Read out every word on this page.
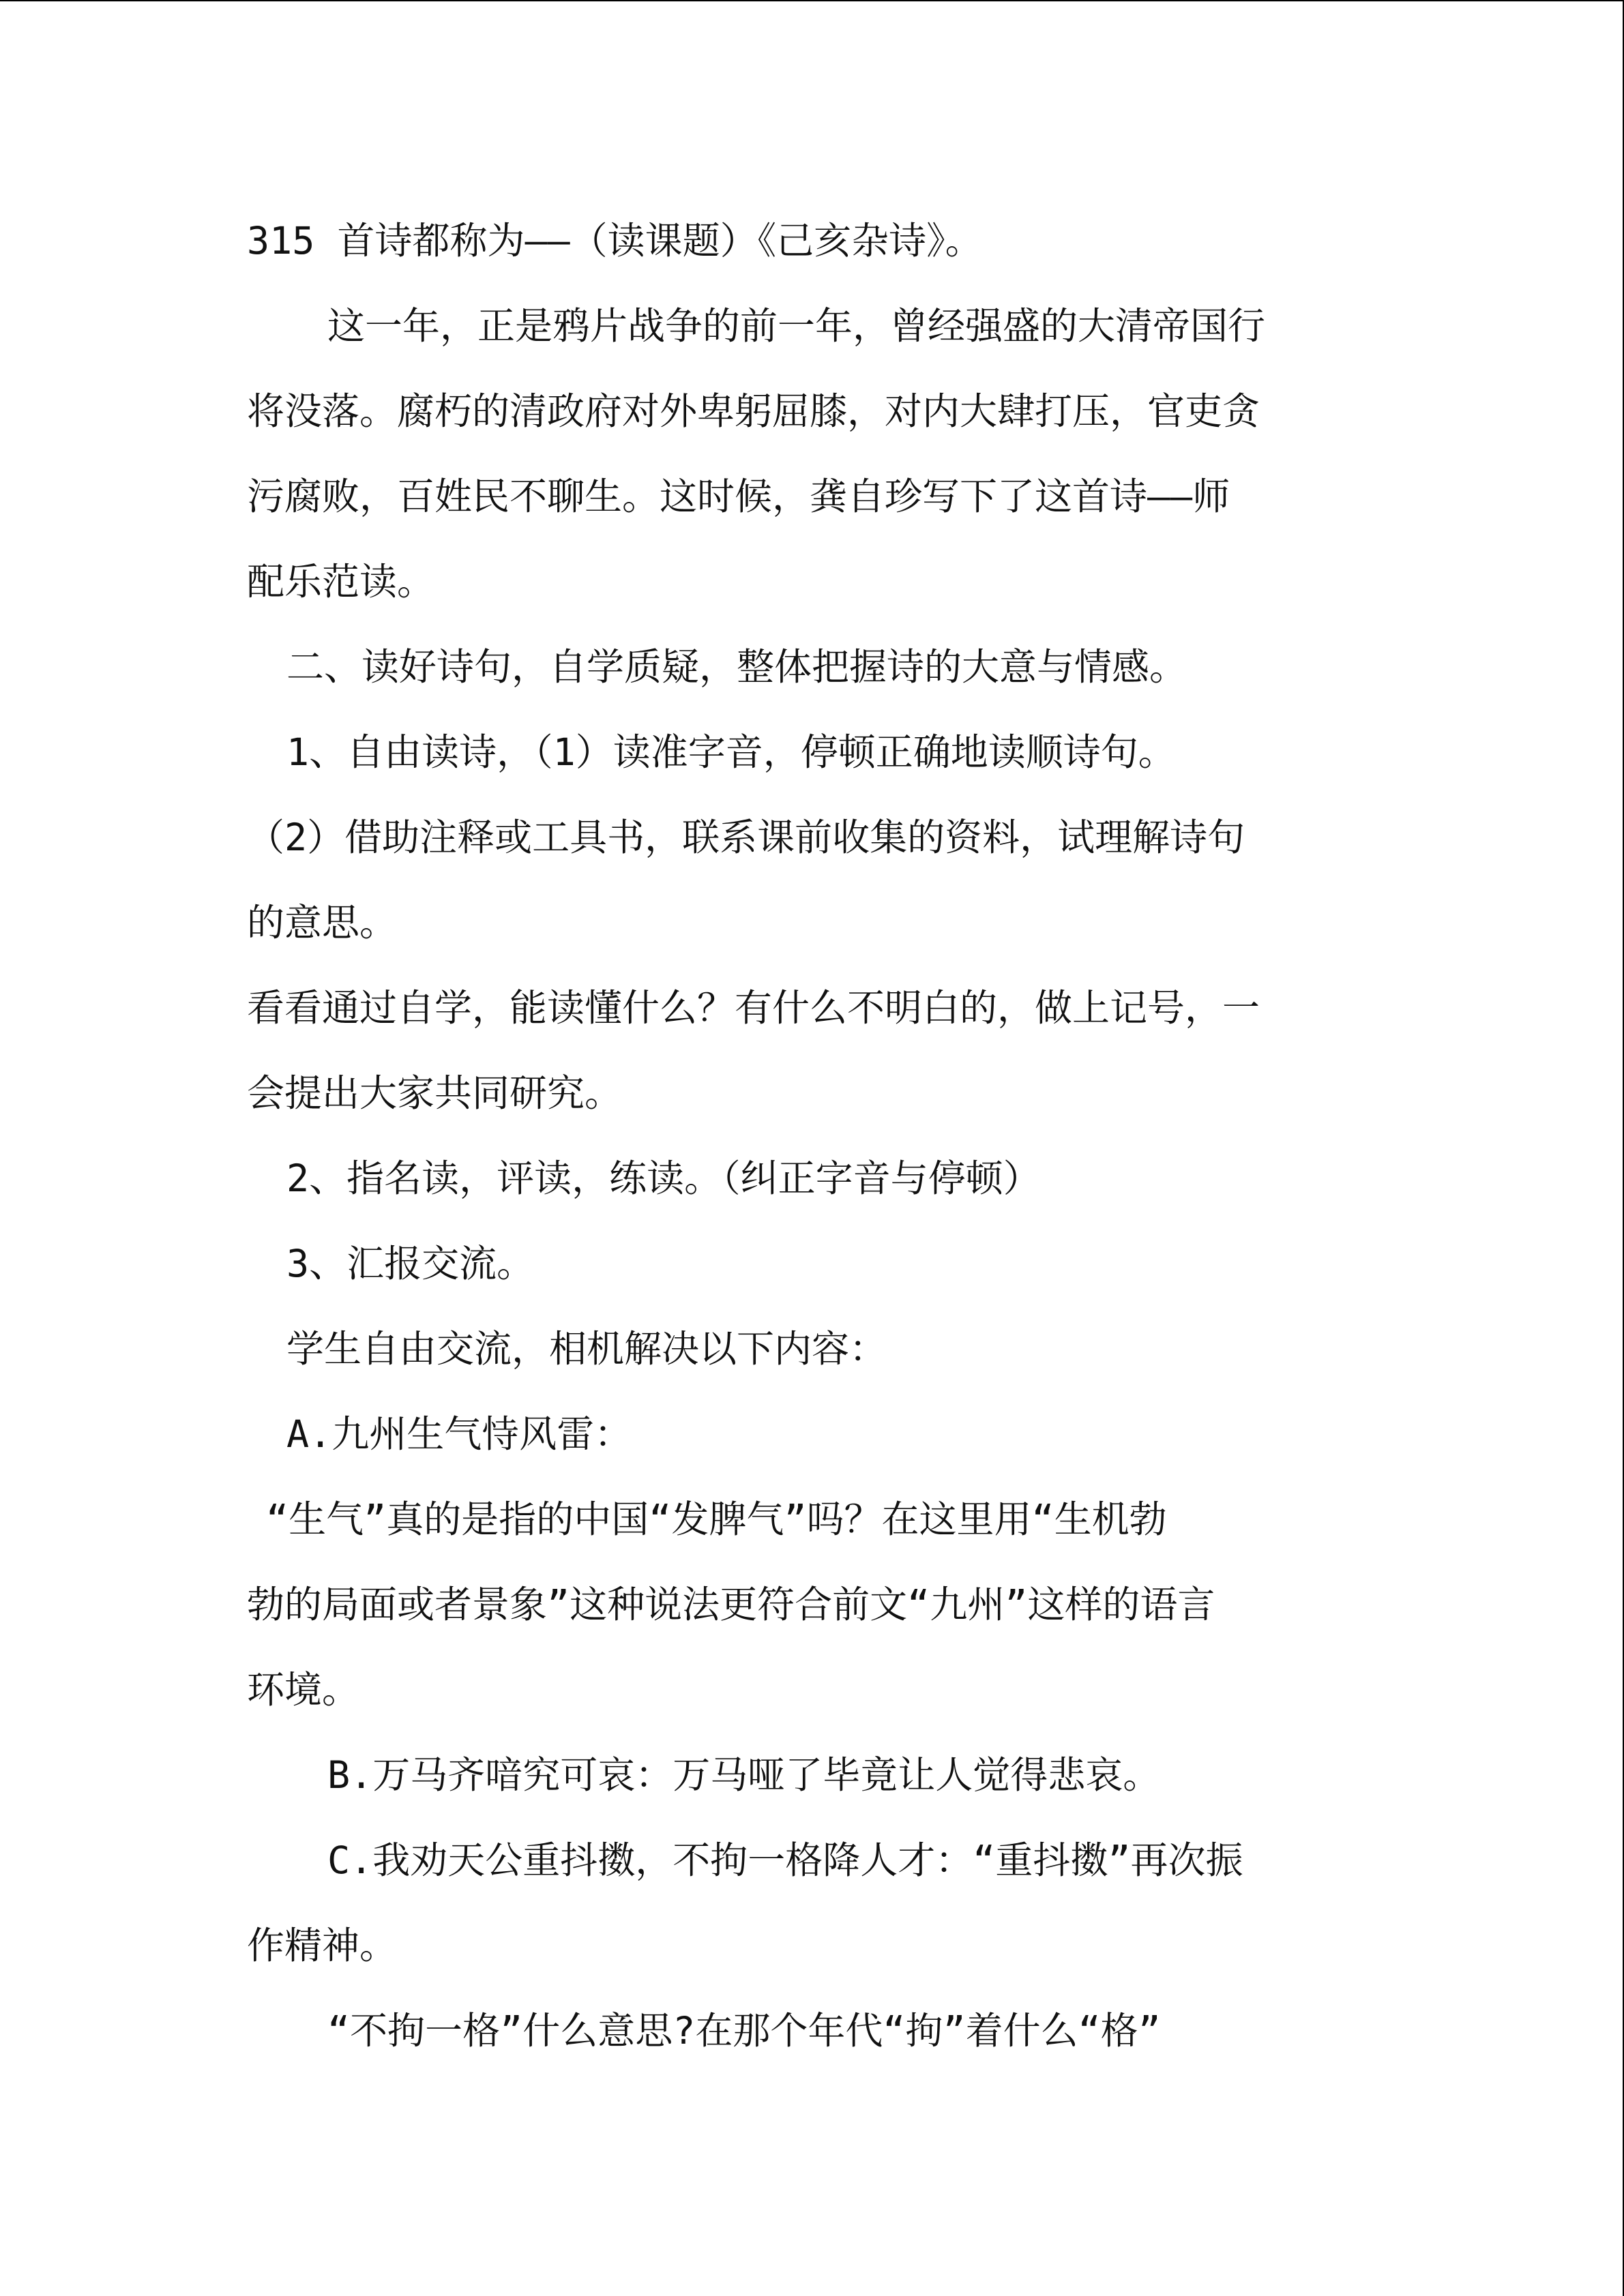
315 首诗都称为——（读课题）《己亥杂诗》。
这一年，正是鸦片战争的前一年，曾经强盛的大清帝国行
将没落。腐朽的清政府对外卑躬屈膝，对内大肆打压，官吏贪
污腐败，百姓民不聊生。这时候，龚自珍写下了这首诗——师
配乐范读。
二、读好诗句，自学质疑，整体把握诗的大意与情感。
1、自由读诗，（1）读准字音，停顿正确地读顺诗句。
（2）借助注释或工具书，联系课前收集的资料，试理解诗句
的意思。
看看通过自学，能读懂什么？有什么不明白的，做上记号，一
会提出大家共同研究。
2、指名读，评读，练读。（纠正字音与停顿）
3、汇报交流。
学生自由交流，相机解决以下内容：
A.九州生气恃风雷：
“生气”真的是指的中国“发脾气”吗？在这里用“生机勃
勃的局面或者景象”这种说法更符合前文“九州”这样的语言
环境。
B.万马齐喑究可哀：万马哑了毕竟让人觉得悲哀。
C.我劝天公重抖擞，不拘一格降人才：“重抖擞”再次振
作精神。
“不拘一格”什么意思?在那个年代“拘”着什么“格”
